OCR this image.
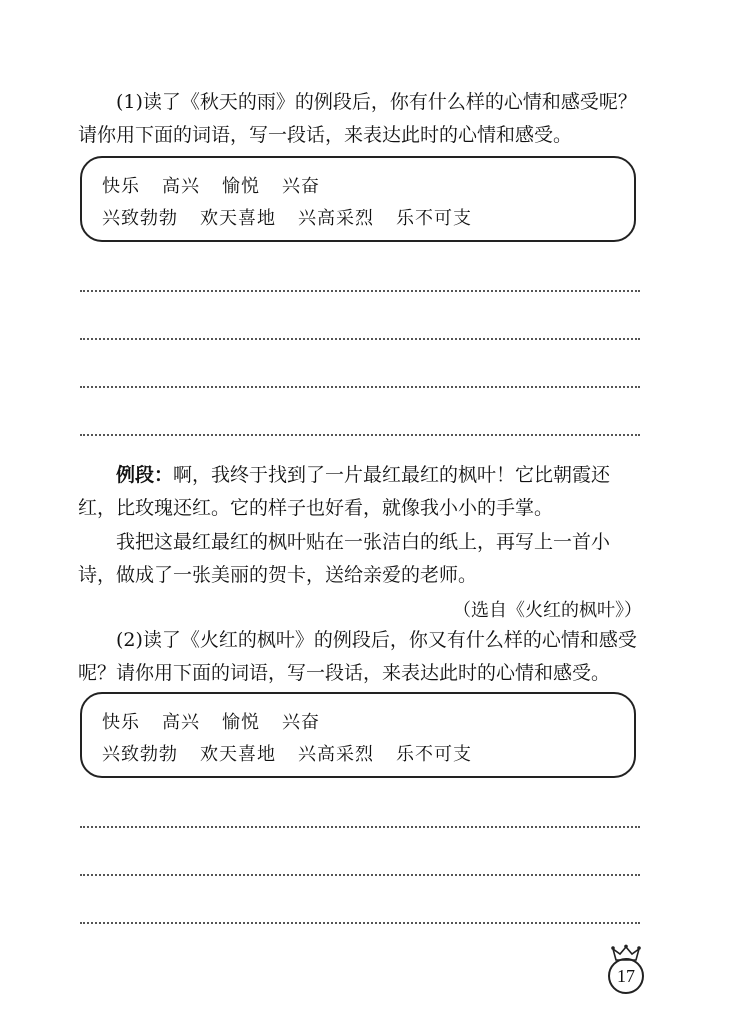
(1)读了《秋天的雨》的例段后，你有什么样的心情和感受呢？请你用下面的词语，写一段话，来表达此时的心情和感受。

快乐 高兴 愉悦 兴奋
兴致勃勃 欢天喜地 兴高采烈 乐不可支

例段：啊，我终于找到了一片最红最红的枫叶！它比朝霞还红，比玫瑰还红。它的样子也好看，就像我小小的手掌。

我把这最红最红的枫叶贴在一张洁白的纸上，再写上一首小诗，做成了一张美丽的贺卡，送给亲爱的老师。

（选自《火红的枫叶》）

(2)读了《火红的枫叶》的例段后，你又有什么样的心情和感受呢？请你用下面的词语，写一段话，来表达此时的心情和感受。

快乐 高兴 愉悦 兴奋
兴致勃勃 欢天喜地 兴高采烈 乐不可支
17
